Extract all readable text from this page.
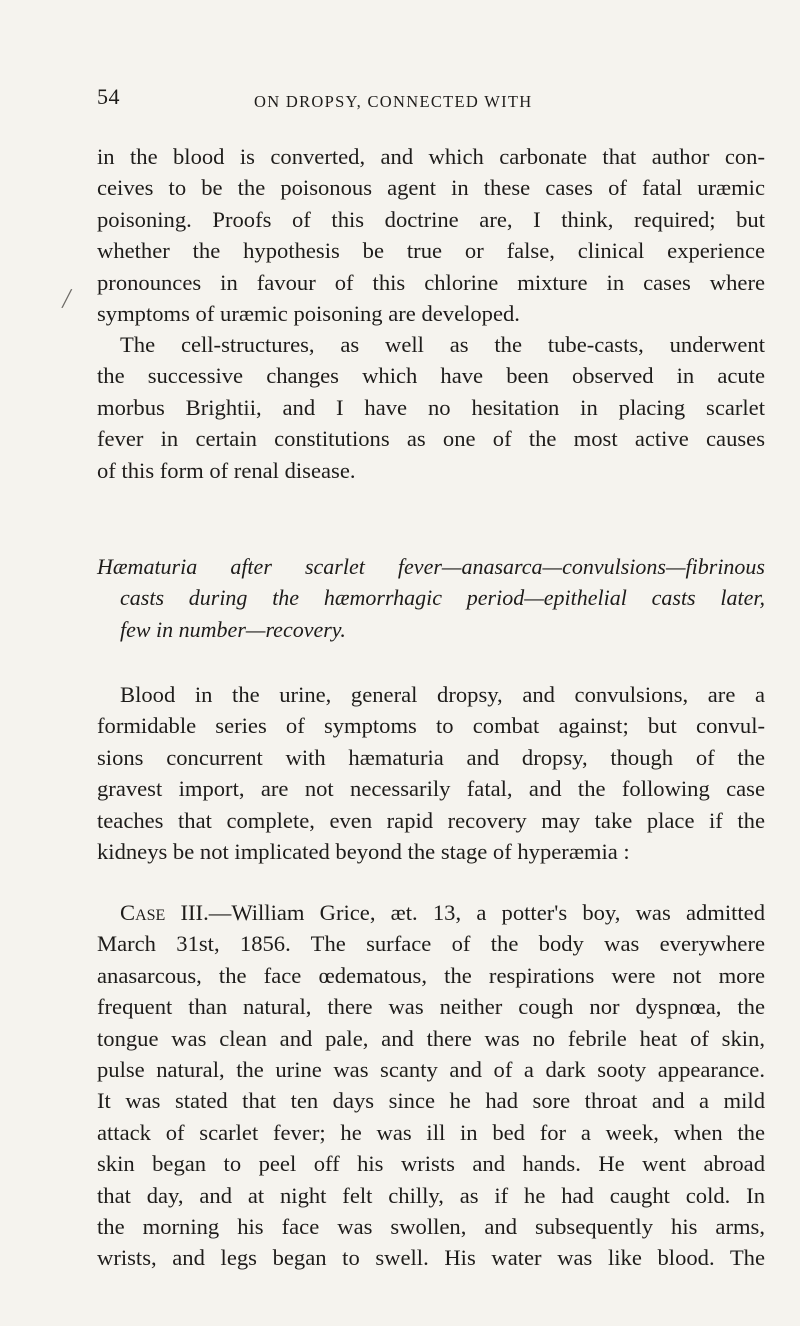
54	ON DROPSY, CONNECTED WITH
╱
in the blood is converted, and which carbonate that author con-
ceives to be the poisonous agent in these cases of fatal uræmic
poisoning. Proofs of this doctrine are, I think, required; but
whether the hypothesis be true or false, clinical experience
pronounces in favour of this chlorine mixture in cases where
symptoms of uræmic poisoning are developed.
The cell-structures, as well as the tube-casts, underwent
the successive changes which have been observed in acute
morbus Brightii, and I have no hesitation in placing scarlet
fever in certain constitutions as one of the most active causes
of this form of renal disease.
Hæmaturia after scarlet fever—anasarca—convulsions—fibrinous
casts during the hæmorrhagic period—epithelial casts later,
few in number—recovery.
Blood in the urine, general dropsy, and convulsions, are a
formidable series of symptoms to combat against; but convul-
sions concurrent with hæmaturia and dropsy, though of the
gravest import, are not necessarily fatal, and the following case
teaches that complete, even rapid recovery may take place if the
kidneys be not implicated beyond the stage of hyperæmia :
Case III.—William Grice, æt. 13, a potter's boy, was admitted
March 31st, 1856. The surface of the body was everywhere
anasarcous, the face œdematous, the respirations were not more
frequent than natural, there was neither cough nor dyspnœa, the
tongue was clean and pale, and there was no febrile heat of skin,
pulse natural, the urine was scanty and of a dark sooty appearance.
It was stated that ten days since he had sore throat and a mild
attack of scarlet fever; he was ill in bed for a week, when the
skin began to peel off his wrists and hands. He went abroad
that day, and at night felt chilly, as if he had caught cold. In
the morning his face was swollen, and subsequently his arms,
wrists, and legs began to swell. His water was like blood. The
